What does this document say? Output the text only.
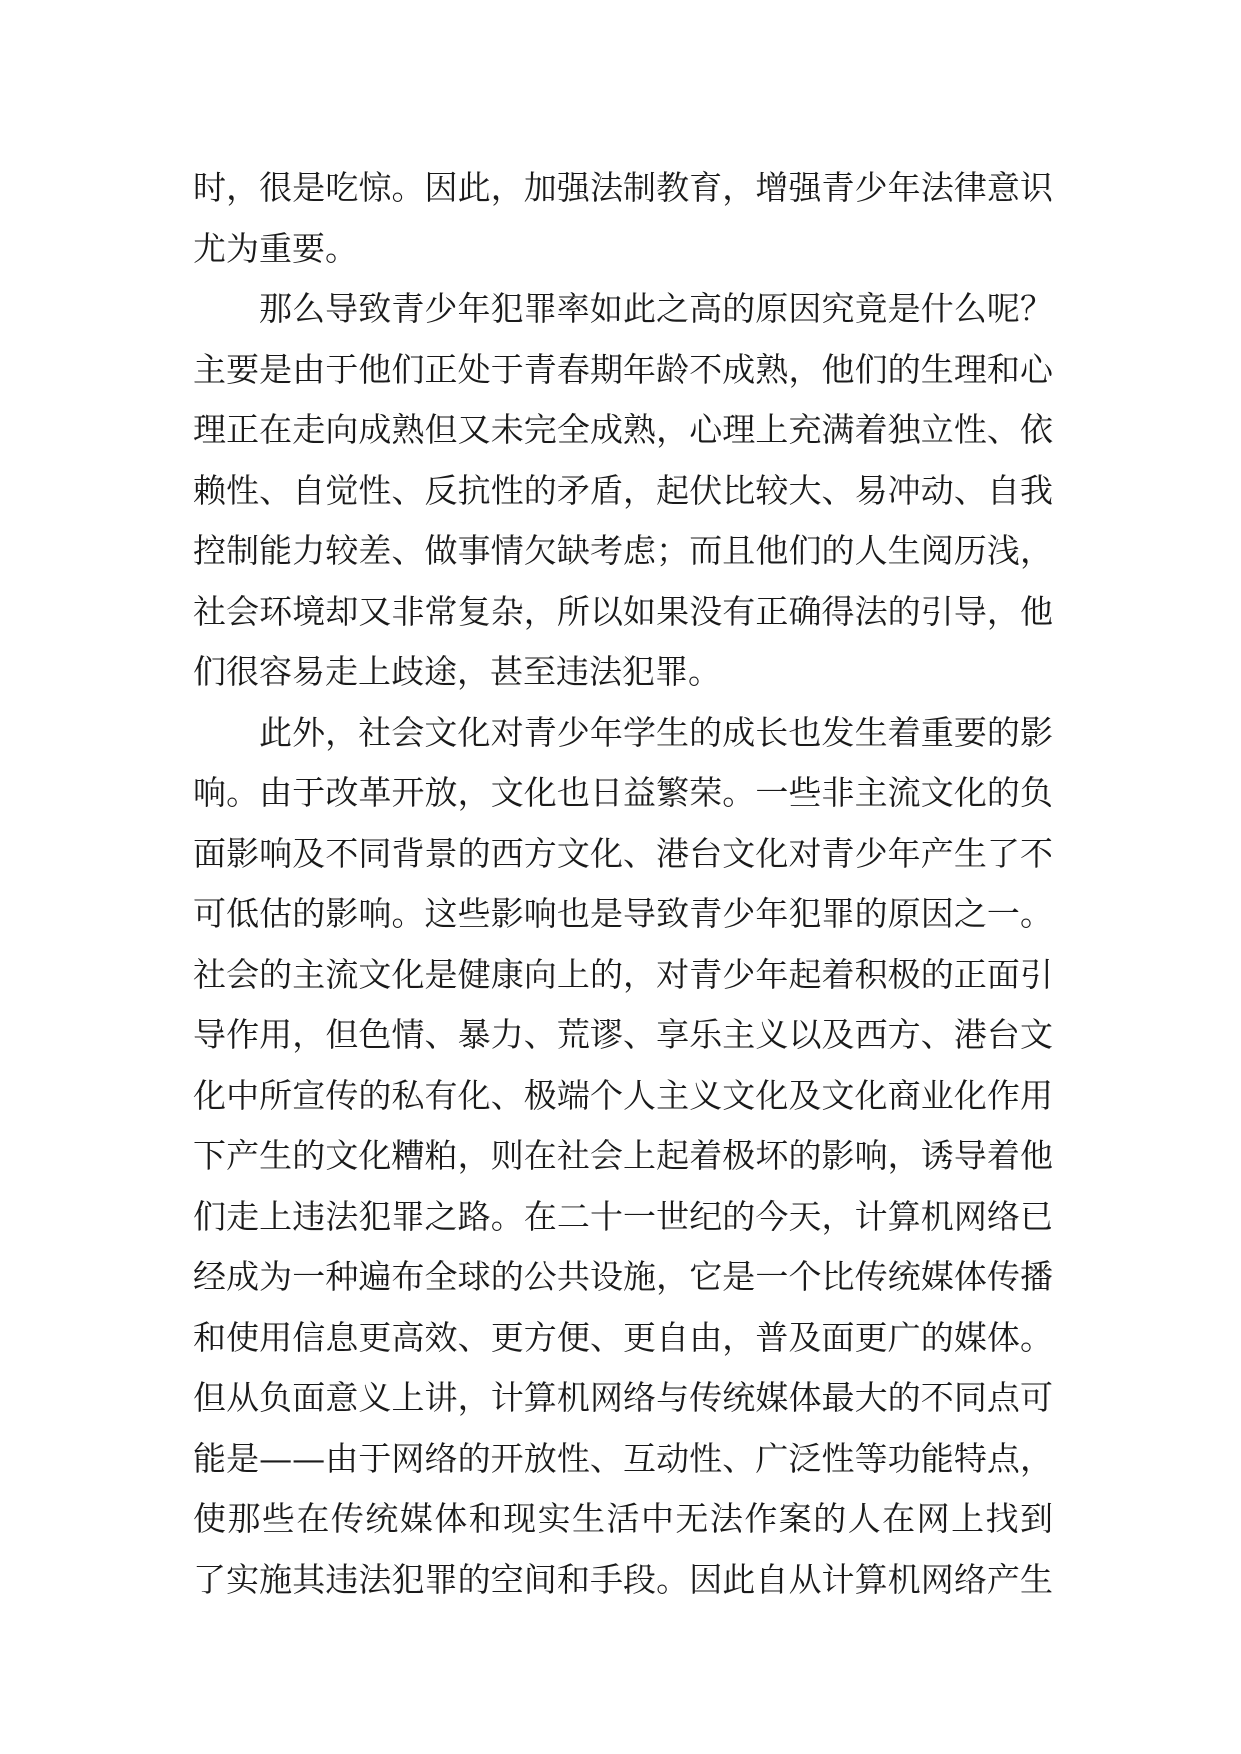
时，很是吃惊。因此，加强法制教育，增强青少年法律意识
尤为重要。
那么导致青少年犯罪率如此之高的原因究竟是什么呢？
主要是由于他们正处于青春期年龄不成熟，他们的生理和心
理正在走向成熟但又未完全成熟，心理上充满着独立性、依
赖性、自觉性、反抗性的矛盾，起伏比较大、易冲动、自我
控制能力较差、做事情欠缺考虑；而且他们的人生阅历浅，
社会环境却又非常复杂，所以如果没有正确得法的引导，他
们很容易走上歧途，甚至违法犯罪。
此外，社会文化对青少年学生的成长也发生着重要的影
响。由于改革开放，文化也日益繁荣。一些非主流文化的负
面影响及不同背景的西方文化、港台文化对青少年产生了不
可低估的影响。这些影响也是导致青少年犯罪的原因之一。
社会的主流文化是健康向上的，对青少年起着积极的正面引
导作用，但色情、暴力、荒谬、享乐主义以及西方、港台文
化中所宣传的私有化、极端个人主义文化及文化商业化作用
下产生的文化糟粕，则在社会上起着极坏的影响，诱导着他
们走上违法犯罪之路。在二十一世纪的今天，计算机网络已
经成为一种遍布全球的公共设施，它是一个比传统媒体传播
和使用信息更高效、更方便、更自由，普及面更广的媒体。
但从负面意义上讲，计算机网络与传统媒体最大的不同点可
能是——由于网络的开放性、互动性、广泛性等功能特点，
使那些在传统媒体和现实生活中无法作案的人在网上找到
了实施其违法犯罪的空间和手段。因此自从计算机网络产生
